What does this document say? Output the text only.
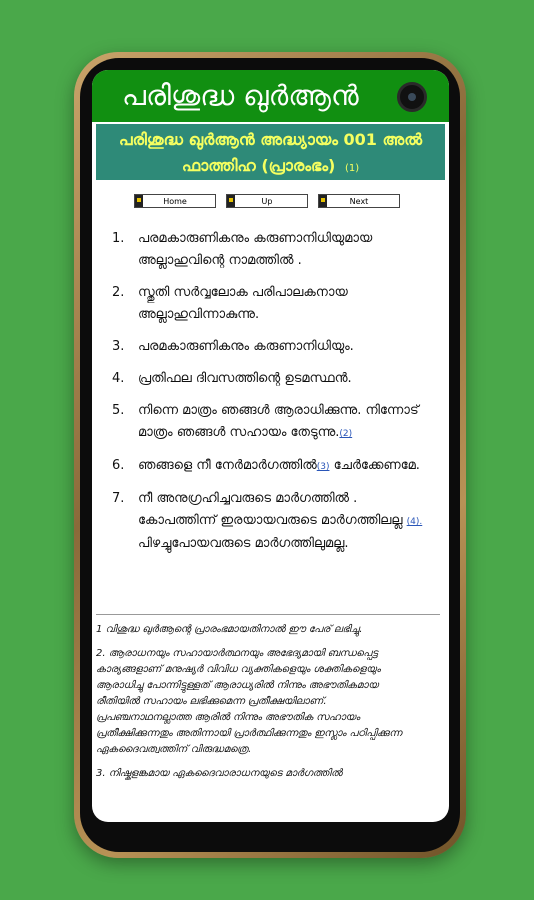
പരിശുദ്ധ ഖുർആൻ
പരിശുദ്ധ ഖുർആൻ അദ്ധ്യായം 001 അൽ ഫാത്തിഹ (പ്രാരംഭം) (1)
Home	Up	Next
1. പരമകാരുണികനും കരുണാനിധിയുമായ അല്ലാഹുവിന്റെ നാമത്തിൽ .
2. സ്തുതി സർവ്വലോക പരിപാലകനായ അല്ലാഹുവിന്നാകുന്നു.
3. പരമകാരുണികനും കരുണാനിധിയും.
4. പ്രതിഫല ദിവസത്തിന്റെ ഉടമസ്ഥൻ.
5. നിന്നെ മാത്രം ഞങ്ങൾ ആരാധിക്കുന്നു. നിന്നോട് മാത്രം ഞങ്ങൾ സഹായം തേടുന്നു.(2)
6. ഞങ്ങളെ നീ നേർമാർഗത്തിൽ(3) ചേർക്കേണമേ.
7. നീ അനുഗ്രഹിച്ചവരുടെ മാർഗത്തിൽ . കോപത്തിന്ന് ഇരയായവരുടെ മാർഗത്തിലല്ല (4). പിഴച്ചുപോയവരുടെ മാർഗത്തിലുമല്ല.

1 വിശുദ്ധ ഖുർആന്റെ പ്രാരംഭമായതിനാൽ ഈ പേര് ലഭിച്ചു.

2. ആരാധനയും സഹായാർത്ഥനയും അഭേദ്യമായി ബന്ധപ്പെട്ട കാര്യങ്ങളാണ് മനുഷ്യർ വിവിധ വ്യക്തികളെയും ശക്തികളെയും ആരാധിച്ചു പോന്നിട്ടുള്ളത് ആരാധ്യരിൽ നിന്നും അഭൗതികമായ രീതിയിൽ സഹായം ലഭിക്കുമെന്ന പ്രതീക്ഷയിലാണ്. പ്രപഞ്ചനാഥനല്ലാത്ത ആരിൽ നിന്നും അഭൗതിക സഹായം പ്രതീക്ഷിക്കുന്നതും അതിന്നായി പ്രാർത്ഥിക്കുന്നതും ഇസ്ലാം പഠിപ്പിക്കുന്ന ഏകദൈവത്വത്തിന് വിരുദ്ധമത്രെ.

3. നിഷ്കളങ്കമായ ഏകദൈവാരാധനയുടെ മാർഗത്തിൽ
